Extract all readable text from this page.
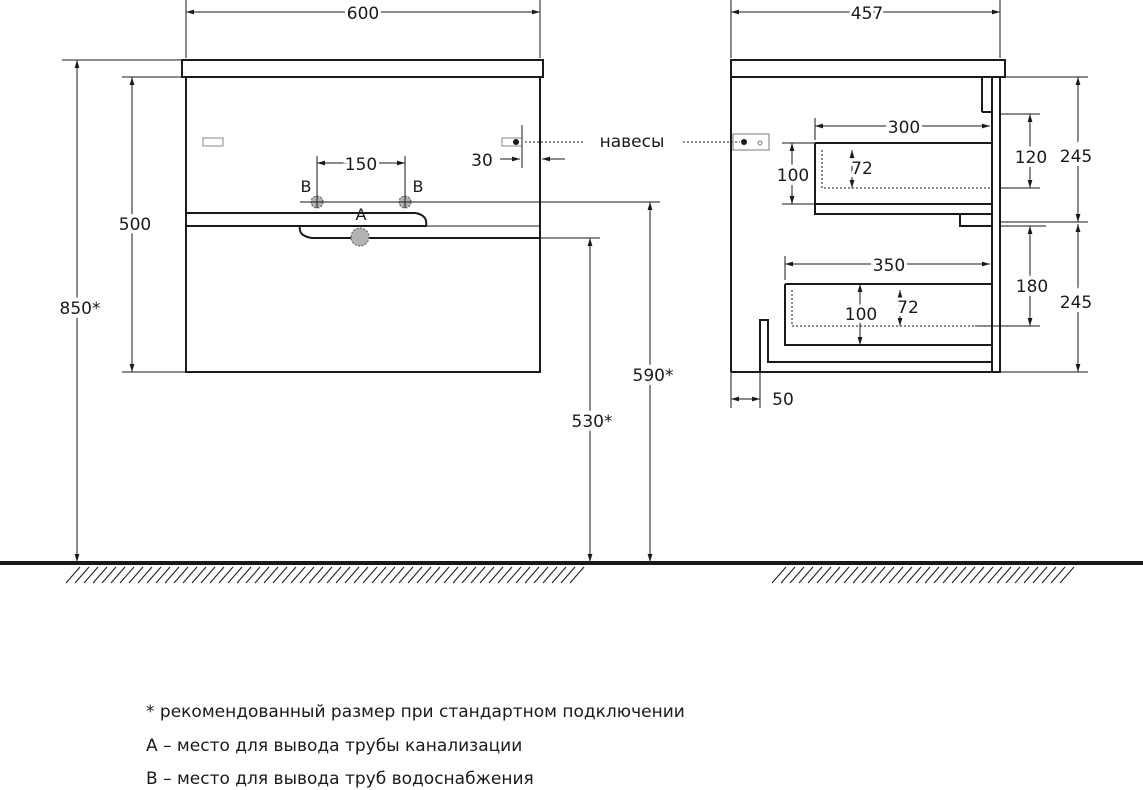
B	B
A
600
150	30
навесы
500
850*
590*
530*
457
300
100 72
120 245
350
100 72
180
245
50
* рекомендованный размер при стандартном подключении
A – место для вывода трубы канализации
B – место для вывода труб водоснабжения
